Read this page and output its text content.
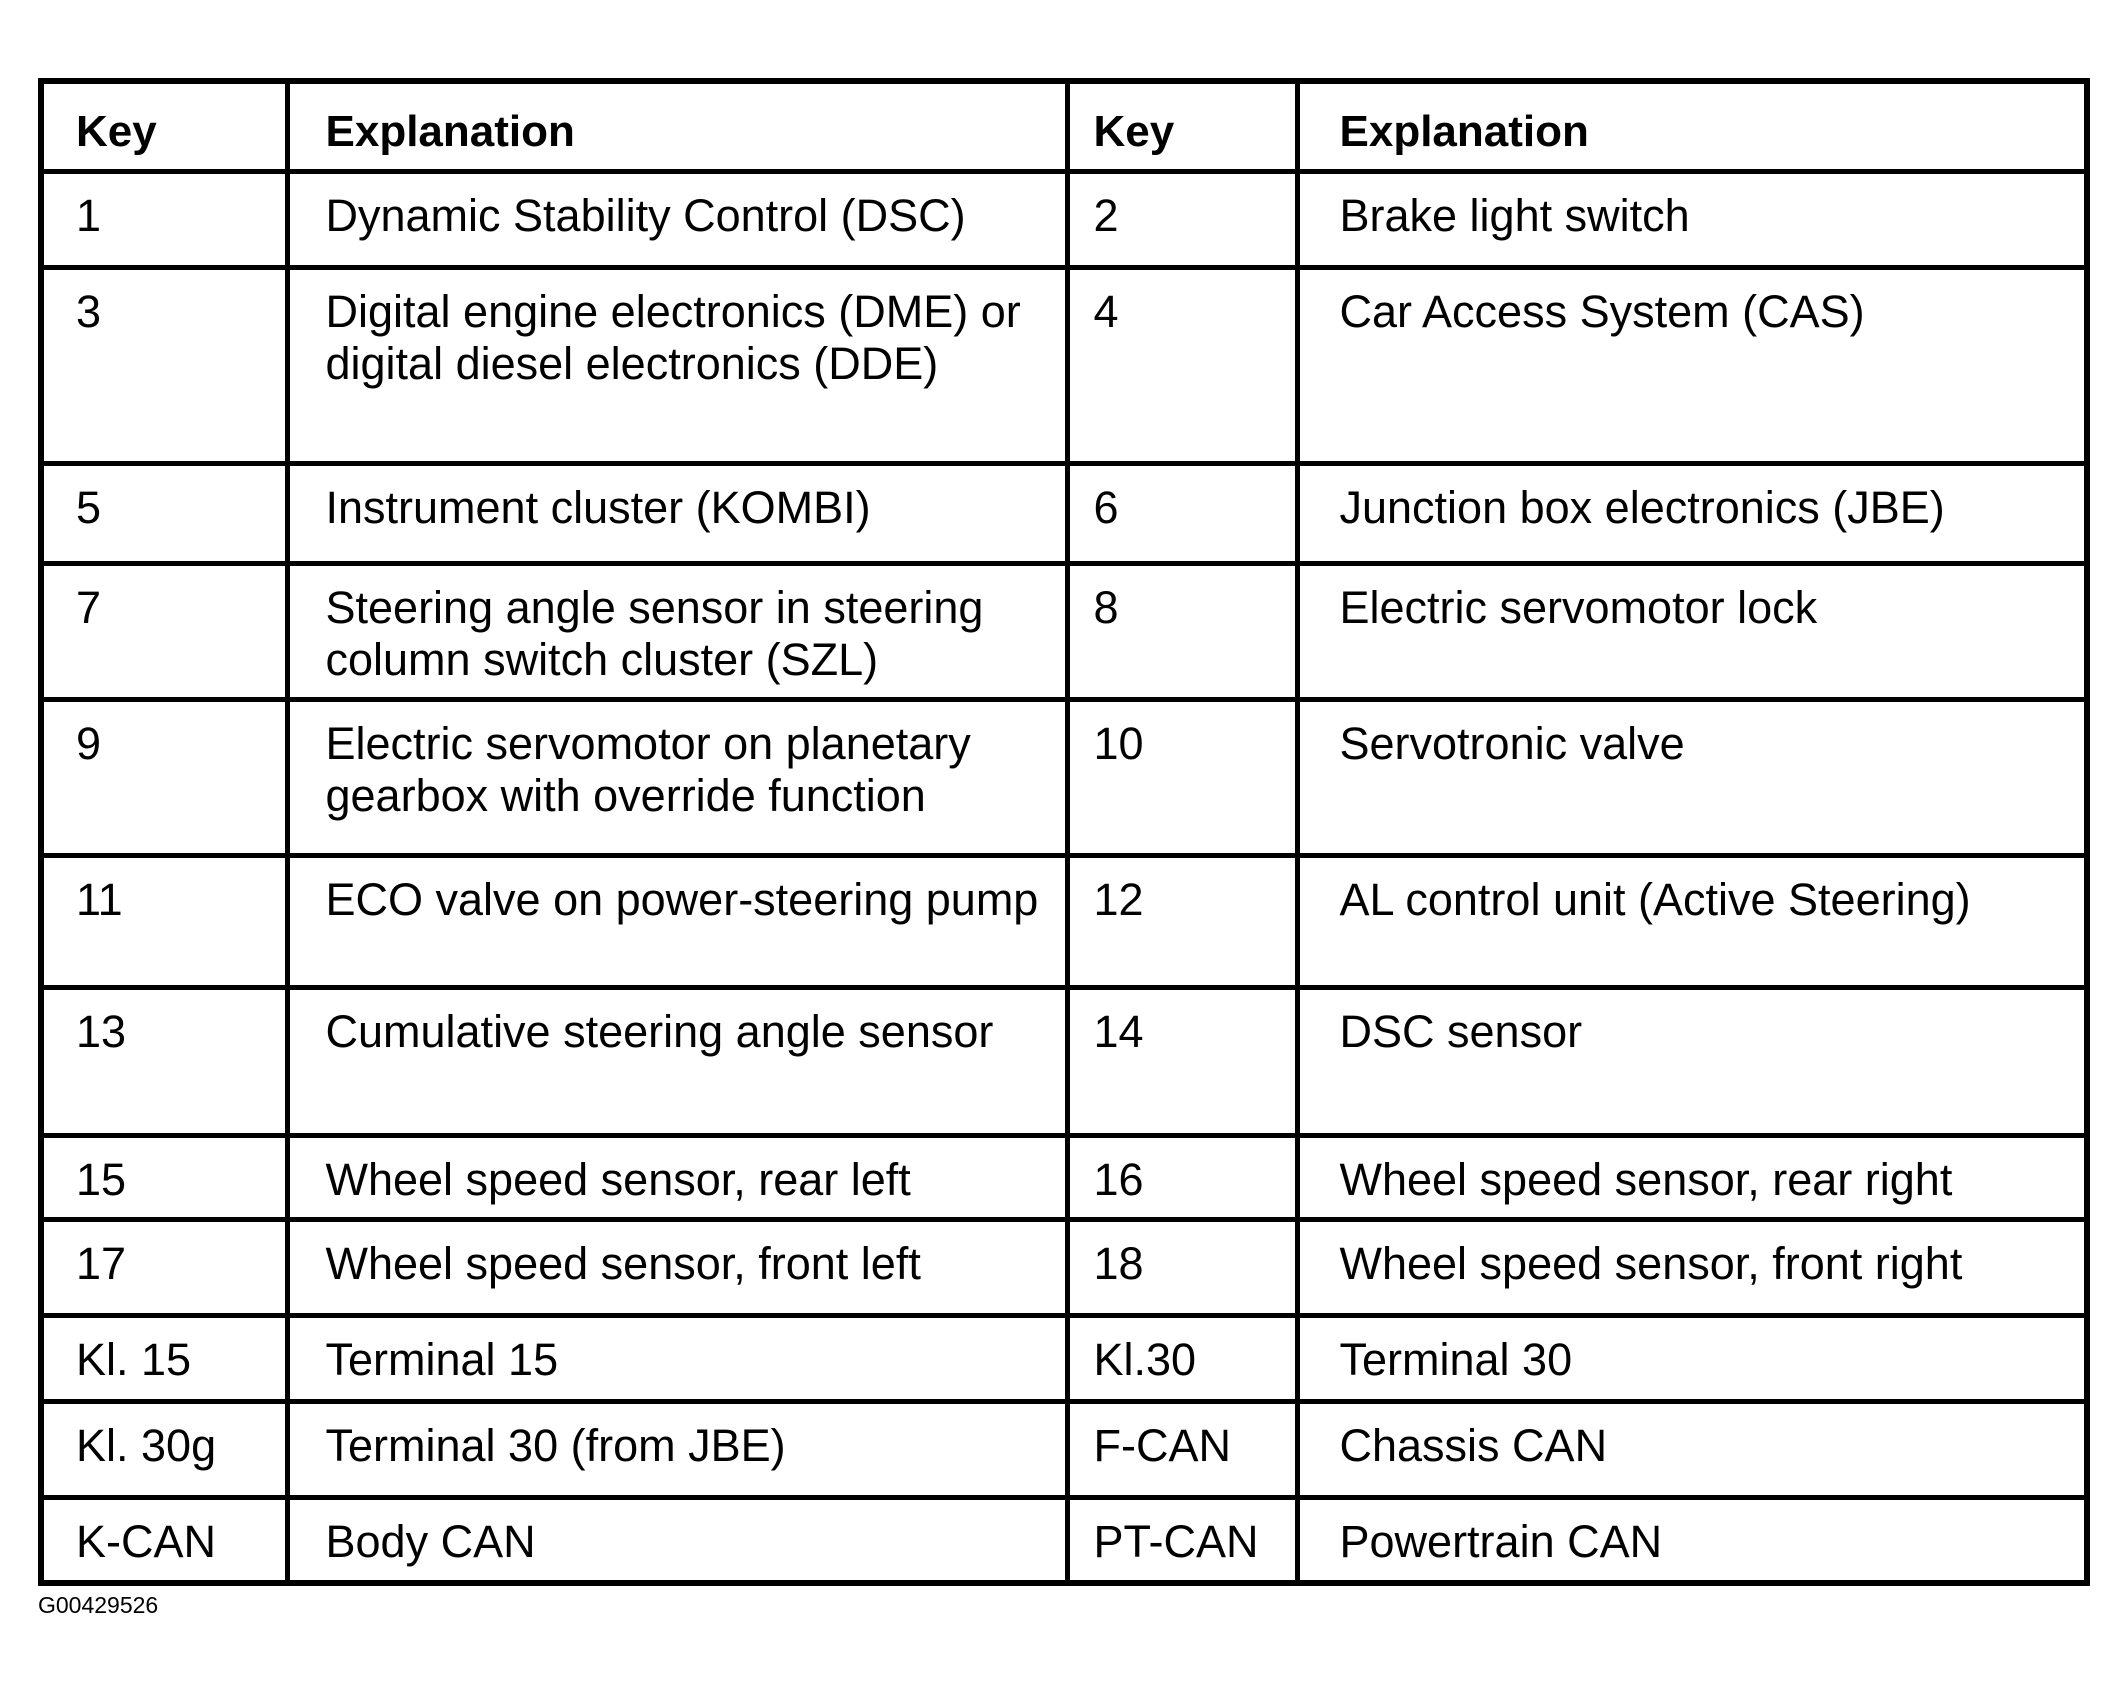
Key	Explanation	Key	Explanation
1	Dynamic Stability Control (DSC)	2	Brake light switch
3	Digital engine electronics (DME) or digital diesel electronics (DDE)	4	Car Access System (CAS)
5	Instrument cluster (KOMBI)	6	Junction box electronics (JBE)
7	Steering angle sensor in steering column switch cluster (SZL)	8	Electric servomotor lock
9	Electric servomotor on planetary gearbox with override function	10	Servotronic valve
11	ECO valve on power-steering pump	12	AL control unit (Active Steering)
13	Cumulative steering angle sensor	14	DSC sensor
15	Wheel speed sensor, rear left	16	Wheel speed sensor, rear right
17	Wheel speed sensor, front left	18	Wheel speed sensor, front right
Kl. 15	Terminal 15	Kl.30	Terminal 30
Kl. 30g	Terminal 30 (from JBE)	F-CAN	Chassis CAN
K-CAN	Body CAN	PT-CAN	Powertrain CAN
G00429526
